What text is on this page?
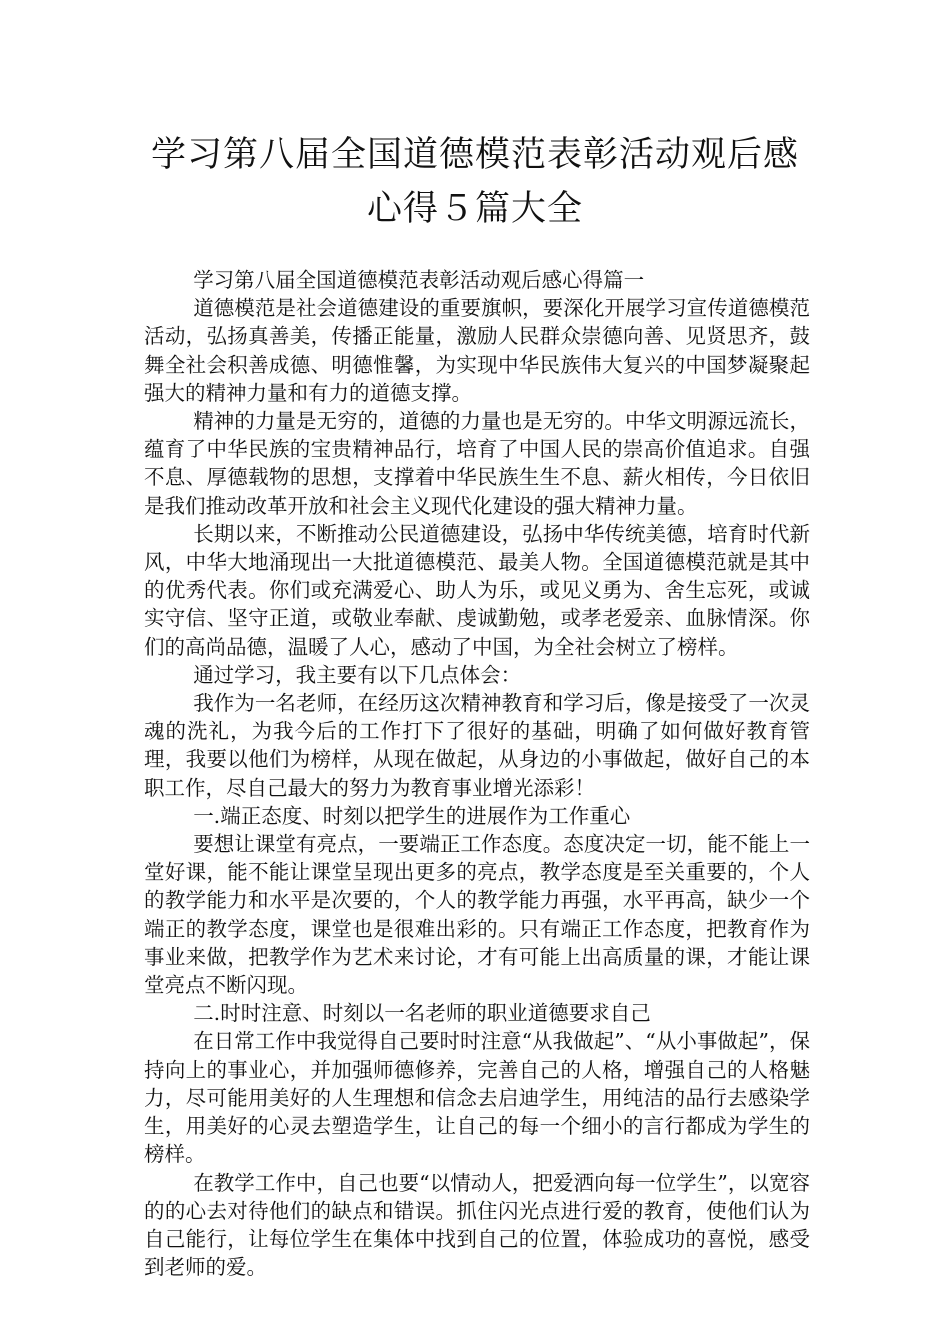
学习第八届全国道德模范表彰活动观后感
心得５篇大全

学习第八届全国道德模范表彰活动观后感心得篇一

道德模范是社会道德建设的重要旗帜，要深化开展学习宣传道德模范活动，弘扬真善美，传播正能量，激励人民群众崇德向善、见贤思齐，鼓舞全社会积善成德、明德惟馨，为实现中华民族伟大复兴的中国梦凝聚起强大的精神力量和有力的道德支撑。

精神的力量是无穷的，道德的力量也是无穷的。中华文明源远流长，蕴育了中华民族的宝贵精神品行，培育了中国人民的崇高价值追求。自强不息、厚德载物的思想，支撑着中华民族生生不息、薪火相传，今日依旧是我们推动改革开放和社会主义现代化建设的强大精神力量。

长期以来，不断推动公民道德建设，弘扬中华传统美德，培育时代新风，中华大地涌现出一大批道德模范、最美人物。全国道德模范就是其中的优秀代表。你们或充满爱心、助人为乐，或见义勇为、舍生忘死，或诚实守信、坚守正道，或敬业奉献、虔诚勤勉，或孝老爱亲、血脉情深。你们的高尚品德，温暖了人心，感动了中国，为全社会树立了榜样。

通过学习，我主要有以下几点体会：

我作为一名老师，在经历这次精神教育和学习后，像是接受了一次灵魂的洗礼，为我今后的工作打下了很好的基础，明确了如何做好教育管理，我要以他们为榜样，从现在做起，从身边的小事做起，做好自己的本职工作，尽自己最大的努力为教育事业增光添彩！

一.端正态度、时刻以把学生的进展作为工作重心

要想让课堂有亮点，一要端正工作态度。态度决定一切，能不能上一堂好课，能不能让课堂呈现出更多的亮点，教学态度是至关重要的，个人的教学能力和水平是次要的，个人的教学能力再强，水平再高，缺少一个端正的教学态度，课堂也是很难出彩的。只有端正工作态度，把教育作为事业来做，把教学作为艺术来讨论，才有可能上出高质量的课，才能让课堂亮点不断闪现。

二.时时注意、时刻以一名老师的职业道德要求自己

在日常工作中我觉得自己要时时注意“从我做起”、“从小事做起”，保持向上的事业心，并加强师德修养，完善自己的人格，增强自己的人格魅力，尽可能用美好的人生理想和信念去启迪学生，用纯洁的品行去感染学生，用美好的心灵去塑造学生，让自己的每一个细小的言行都成为学生的榜样。

在教学工作中，自己也要“以情动人，把爱洒向每一位学生”，以宽容的的心去对待他们的缺点和错误。抓住闪光点进行爱的教育，使他们认为自己能行，让每位学生在集体中找到自己的位置，体验成功的喜悦，感受到老师的爱。
